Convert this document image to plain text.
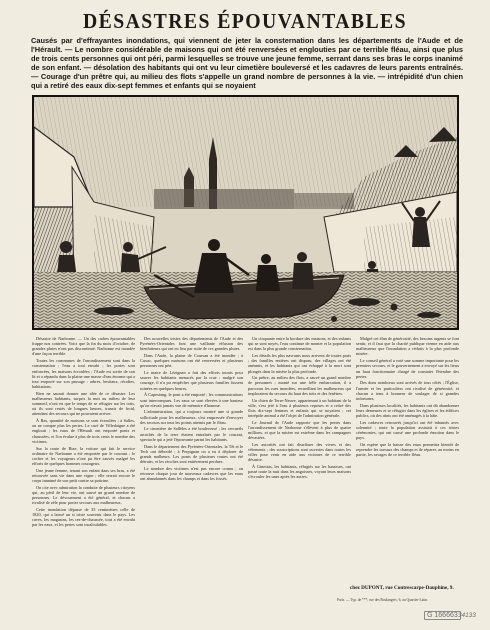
DÉSASTRES ÉPOUVANTABLES
Causés par d'effrayantes inondations, qui viennent de jeter la consternation dans les départements de l'Aude et de l'Hérault. — Le nombre considérable de maisons qui ont été renversées et englouties par ce terrible fléau, ainsi que plus de trois cents personnes qui ont péri, parmi lesquelles se trouve une jeune femme, serrant dans ses bras le corps inanimé de son enfant. — désolation des habitants qui ont vu leur cimetière bouleversé et les cadavres de leurs parents entraînés. — Courage d'un prêtre qui, au milieu des flots s'appelle un grand nombre de personnes à la vie. — intrépidité d'un chien qui a retiré des eaux dix-sept femmes et enfants qui se noyaient

Désastre de Narbonne. — Un des cadres épouvantables frappe nos contrées. Voici que la fin du mois d'octobre, de grandes pluies n'ont pas discontinué. Narbonne est inondée d'une façon terrible.

Toutes les communes de l'arrondissement sont dans la consternation ; l'eau a tout envahi ; les portes sont enfoncées, les maisons écroulées ; l'Aude est sortie de son lit et a répandu dans la plaine une masse d'eau énorme qui a tout emporté sur son passage : arbres, bestiaux, récoltes, habitations.

Rien ne saurait donner une idée de ce désastre. Les malheureux habitants, surpris la nuit au milieu de leur sommeil, n'ont eu que le temps de se réfugier sur les toits, où ils sont restés de longues heures, transis de froid, attendant des secours qui ne pouvaient arriver.

À Ras, quantité de maisons se sont écroulées ; à Salles, on ne compte plus les pertes. Le curé de Villedaigne a été englouti ; les eaux de l'Hérault ont emporté ponts et chaussées, et l'on évalue à plus de trois cents le nombre des victimes.

Sur la route de Bize, la voiture qui fait le service ordinaire de Narbonne a été emportée par le courant ; le cocher et les voyageurs n'ont pu être sauvés malgré les efforts de quelques hommes courageux.

Une jeune femme, tenant son enfant dans ses bras, a été retrouvée sans vie dans une vigne ; elle serrait encore le corps inanimé de son petit contre sa poitrine.

On cite avec admiration la conduite de plusieurs citoyens qui, au péril de leur vie, ont sauvé un grand nombre de personnes. Le dévouement a été général, et chacun a rivalisé de zèle pour porter secours aux malheureux.

Cette inondation dépasse de 35 centimètres celle de 1820, qui a laissé un si triste souvenir dans le pays. Les caves, les magasins, les rez-de-chaussée, tout a été envahi par les eaux, et les pertes sont incalculables.

Des nouvelles tristes des départements de l'Aude et des Pyrénées-Orientales font une vaillante effusion des bienfaiteurs qui ont eu lieu par suite de ces grandes pluies.

Dans l'Aude, la plaine de Coursan a été inondée ; à Cuxac, quelques maisons ont été renversées et plusieurs personnes ont péri.

Le maire de Lézignan a fait des efforts inouïs pour sauver les habitants menacés par la crue ; malgré son courage, il n'a pu empêcher que plusieurs familles fussent ruinées en quelques heures.

À Capestang, le pont a été emporté ; les communications sont interrompues. Les eaux se sont élevées à une hauteur qu'on n'avait jamais vue de mémoire d'homme.

L'administration, qui a toujours montré une si grande sollicitude pour les malheureux, s'est empressée d'envoyer des secours sur tous les points atteints par le fléau.

Le cimetière de Sallèles a été bouleversé ; les cercueils arrachés de la terre étaient entraînés par le courant, spectacle qui a jeté l'épouvante parmi les habitants.

Dans le département des Pyrénées-Orientales, la Têt et le Tech ont débordé ; à Perpignan on a eu à déplorer de grands malheurs. Les ponts de plusieurs routes ont été détruits, et les récoltes sont entièrement perdues.

Le nombre des victimes n'est pas encore connu ; on retrouve chaque jour de nouveaux cadavres que les eaux ont abandonnés dans les champs et dans les fossés.

Un cinquante entre la bordure des maisons, et des enfants qui se sont noyés, l'eau continue de monter et la population est dans la plus grande consternation.

Les détails les plus navrants nous arrivent de toutes parts ; des familles entières ont disparu, des villages ont été anéantis, et les habitants qui ont échappé à la mort sont plongés dans la misère la plus profonde.

Un prêtre, au milieu des flots, a sauvé un grand nombre de personnes ; monté sur une frêle embarcation, il a parcouru les rues inondées, recueillant les malheureux qui imploraient du secours du haut des toits et des fenêtres.

Un chien de Terre-Neuve, appartenant à un habitant de la ville, s'est jeté à l'eau à plusieurs reprises et a retiré des flots dix-sept femmes et enfants qui se noyaient ; cet intrépide animal a été l'objet de l'admiration générale.

Le Journal de l'Aude rapporte que les pertes dans l'arrondissement de Narbonne s'élèvent à plus de quatre millions, et que la misère est extrême dans les campagnes dévastées.

Les autorités ont fait distribuer des vivres et des vêtements ; des souscriptions sont ouvertes dans toutes les villes pour venir en aide aux victimes de ce terrible désastre.

À Ginestas, les habitants, réfugiés sur les hauteurs, ont passé toute la nuit dans les angoisses, voyant leurs maisons s'écrouler les unes après les autres.

Malgré cet élan de générosité, des besoins urgents se font sentir, et il faut que la charité publique vienne en aide aux malheureux que l'inondation a réduits à la plus profonde misère.

Le conseil général a voté une somme importante pour les premiers secours, et le gouvernement a envoyé sur les lieux un haut fonctionnaire chargé de constater l'étendue des pertes.

Des dons nombreux sont arrivés de tous côtés ; l'Église, l'armée et les particuliers ont rivalisé de générosité, et chacun a tenu à honneur de soulager de si grandes infortunes.

Dans plusieurs localités, les habitants ont dû abandonner leurs demeures et se réfugier dans les églises et les édifices publics, où des abris ont été aménagés à la hâte.

Les cadavres retrouvés jusqu'ici ont été inhumés avec solennité ; toute la population assistait à ces tristes cérémonies, qui ont causé une profonde émotion dans le pays.

On espère que la baisse des eaux permettra bientôt de reprendre les travaux des champs et de réparer, au moins en partie, les ravages de ce terrible fléau.

chez DUPONT, rue Contrescarpe-Dauphine, 9.
Paris. — Typ. de ***, rue des Boulangers, 6, au Quartier-Latin.
G 166663 34133
